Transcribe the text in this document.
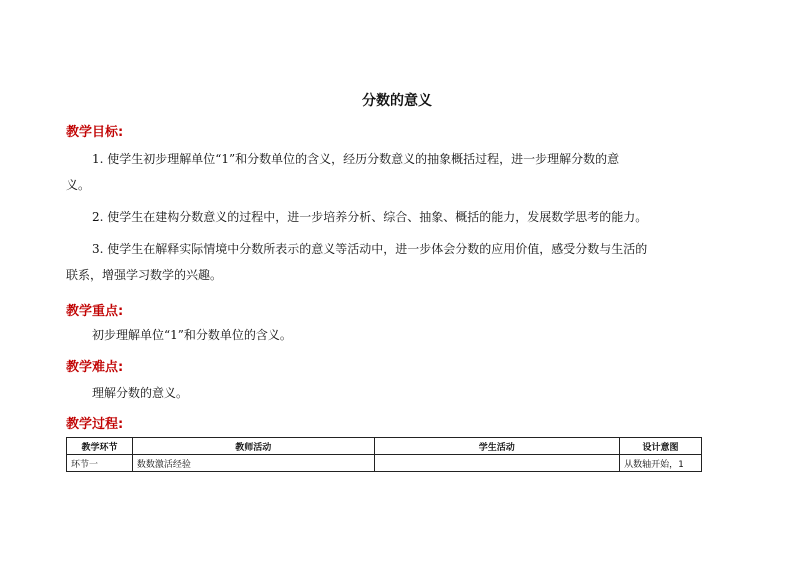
分数的意义
教学目标:
1. 使学生初步理解单位“1”和分数单位的含义，经历分数意义的抽象概括过程，进一步理解分数的意
义。
2. 使学生在建构分数意义的过程中，进一步培养分析、综合、抽象、概括的能力，发展数学思考的能力。
3. 使学生在解释实际情境中分数所表示的意义等活动中，进一步体会分数的应用价值，感受分数与生活的
联系，增强学习数学的兴趣。
教学重点:
初步理解单位“1”和分数单位的含义。
教学难点:
理解分数的意义。
教学过程:
教学环节	教师活动	学生活动	设计意图
环节一	数数激活经验		从数轴开始，1
